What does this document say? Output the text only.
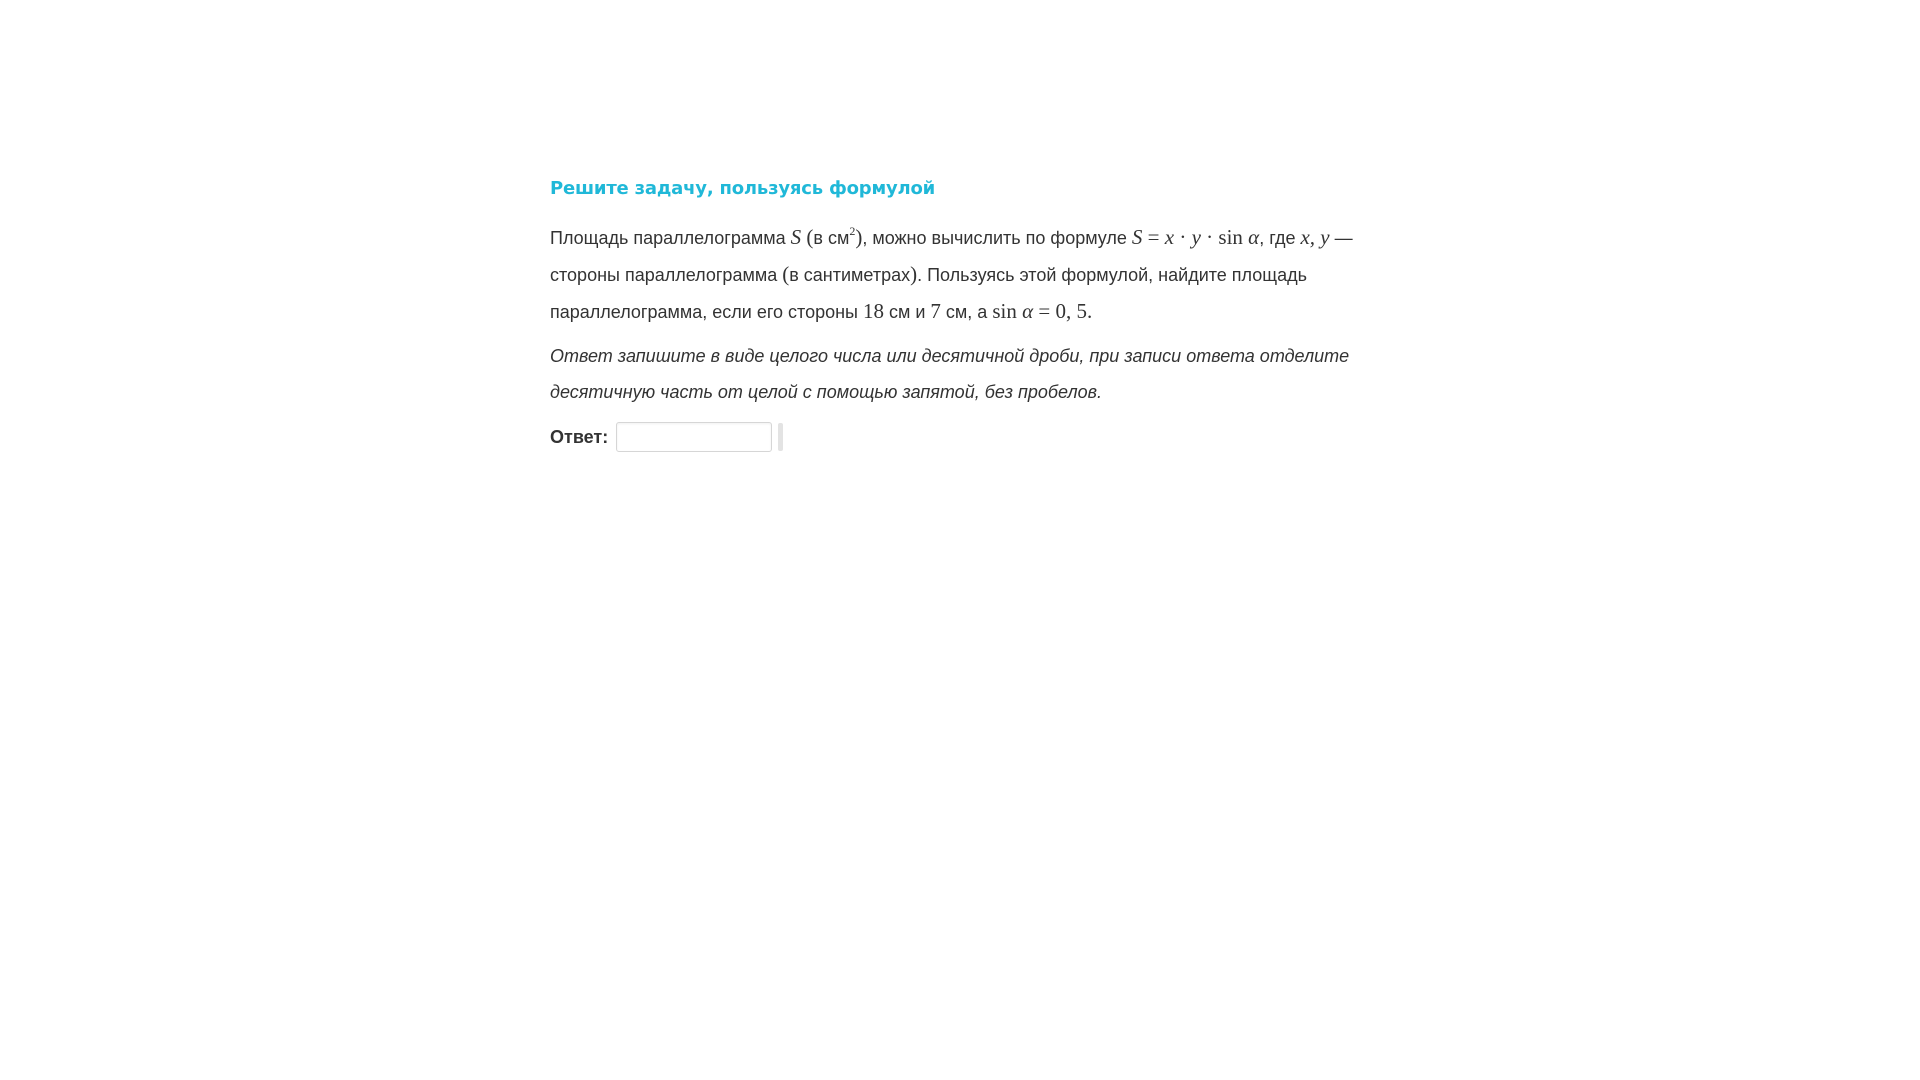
Решите задачу, пользуясь формулой

Площадь параллелограмма S (в $см^2$), можно вычислить по формуле S = x · y · sin α, где x, y — стороны параллелограмма (в сантиметрах). Пользуясь этой формулой, найдите площадь параллелограмма, если его стороны 18 см и 7 см, а sin α = 0, 5.

Ответ запишите в виде целого числа или десятичной дроби, при записи ответа отделите десятичную часть от целой с помощью запятой, без пробелов.

Ответ:
